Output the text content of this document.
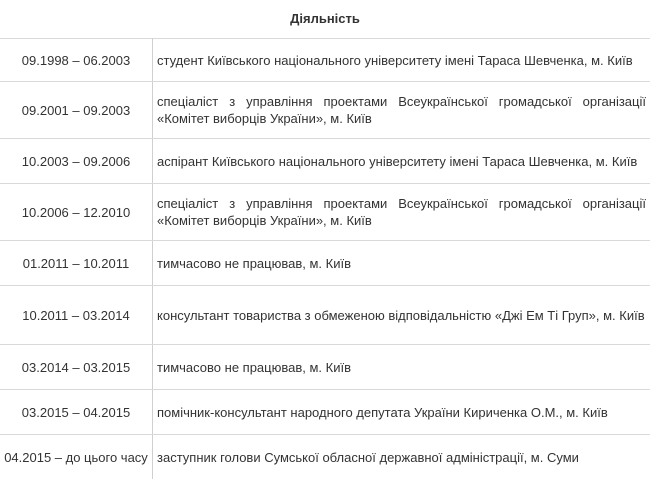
Діяльність
09.1998 – 06.2003	студент Київського національного університету імені Тараса Шевченка, м. Київ
09.2001 – 09.2003	спеціаліст з управління проектами Всеукраїнської громадської організації «Комітет виборців України», м. Київ
10.2003 – 09.2006	аспірант Київського національного університету імені Тараса Шевченка, м. Київ
10.2006 – 12.2010	спеціаліст з управління проектами Всеукраїнської громадської організації «Комітет виборців України», м. Київ
01.2011 – 10.2011	тимчасово не працював, м. Київ
10.2011 – 03.2014	консультант товариства з обмеженою відповідальністю «Джі Ем Ті Груп», м. Київ
03.2014 – 03.2015	тимчасово не працював, м. Київ
03.2015 – 04.2015	помічник-консультант народного депутата України Кириченка О.М., м. Київ
04.2015 – до цього часу	заступник голови Сумської обласної державної адміністрації, м. Суми
